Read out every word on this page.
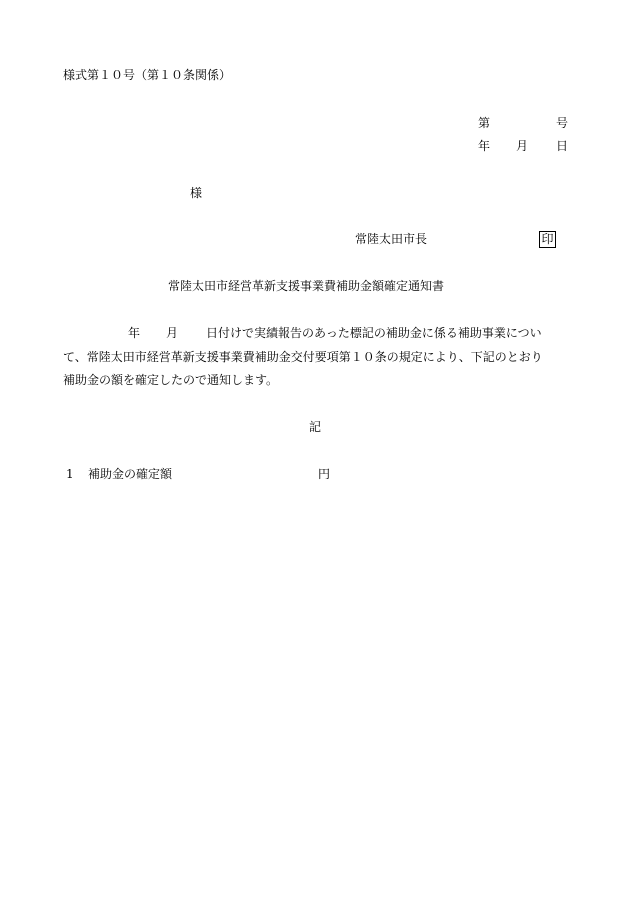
様式第１０号（第１０条関係）
第	号
年 月 日
様
常陸太田市長	印
常陸太田市経営革新支援事業費補助金額確定通知書
年 月 日付けで実績報告のあった標記の補助金に係る補助事業につい
て、常陸太田市経営革新支援事業費補助金交付要項第１０条の規定により、下記のとおり
補助金の額を確定したので通知します。
記
1 補助金の確定額	円
